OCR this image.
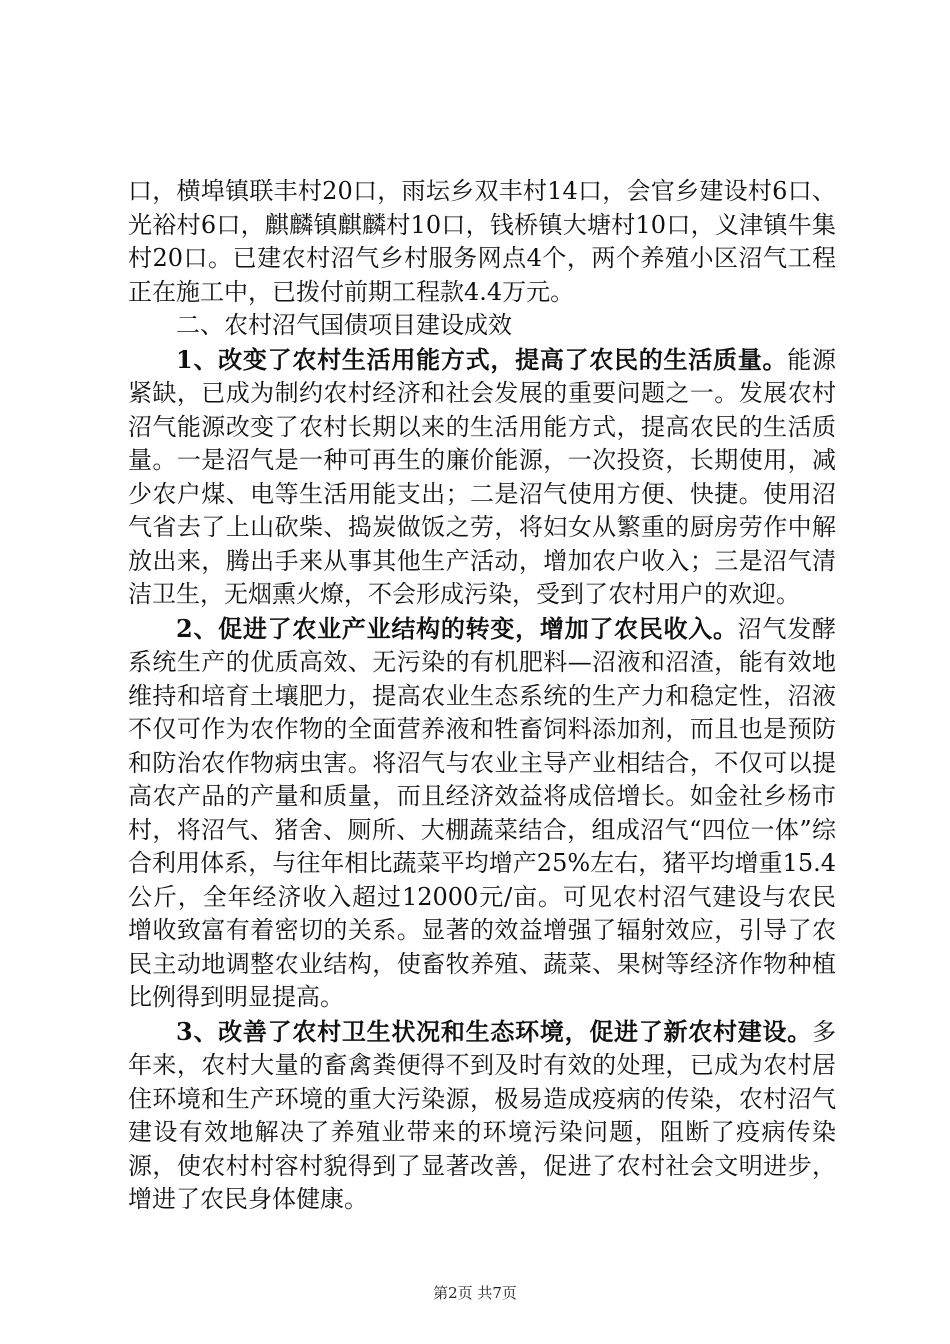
口，横埠镇联丰村20口，雨坛乡双丰村14口，会官乡建设村6口、光裕村6口，麒麟镇麒麟村10口，钱桥镇大塘村10口，义津镇牛集村20口。已建农村沼气乡村服务网点4个，两个养殖小区沼气工程正在施工中，已拨付前期工程款4.4万元。

二、农村沼气国债项目建设成效

1、改变了农村生活用能方式，提高了农民的生活质量。能源紧缺，已成为制约农村经济和社会发展的重要问题之一。发展农村沼气能源改变了农村长期以来的生活用能方式，提高农民的生活质量。一是沼气是一种可再生的廉价能源，一次投资，长期使用，减少农户煤、电等生活用能支出；二是沼气使用方便、快捷。使用沼气省去了上山砍柴、捣炭做饭之劳，将妇女从繁重的厨房劳作中解放出来，腾出手来从事其他生产活动，增加农户收入；三是沼气清洁卫生，无烟熏火燎，不会形成污染，受到了农村用户的欢迎。

2、促进了农业产业结构的转变，增加了农民收入。沼气发酵系统生产的优质高效、无污染的有机肥料—沼液和沼渣，能有效地维持和培育土壤肥力，提高农业生态系统的生产力和稳定性，沼液不仅可作为农作物的全面营养液和牲畜饲料添加剂，而且也是预防和防治农作物病虫害。将沼气与农业主导产业相结合，不仅可以提高农产品的产量和质量，而且经济效益将成倍增长。如金社乡杨市村，将沼气、猪舍、厕所、大棚蔬菜结合，组成沼气“四位一体”综合利用体系，与往年相比蔬菜平均增产25%左右，猪平均增重15.4公斤，全年经济收入超过12000元/亩。可见农村沼气建设与农民增收致富有着密切的关系。显著的效益增强了辐射效应，引导了农民主动地调整农业结构，使畜牧养殖、蔬菜、果树等经济作物种植比例得到明显提高。

3、改善了农村卫生状况和生态环境，促进了新农村建设。多年来，农村大量的畜禽粪便得不到及时有效的处理，已成为农村居住环境和生产环境的重大污染源，极易造成疫病的传染，农村沼气建设有效地解决了养殖业带来的环境污染问题，阻断了疫病传染源，使农村村容村貌得到了显著改善，促进了农村社会文明进步，增进了农民身体健康。

第2页 共7页
